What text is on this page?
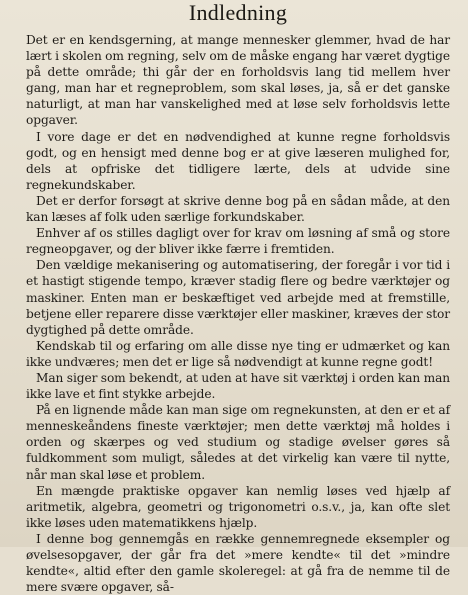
Indledning

Det er en kendsgerning, at mange mennesker glemmer, hvad de har lært i skolen om regning, selv om de måske engang har været dygtige på dette område; thi går der en forholdsvis lang tid mellem hver gang, man har et regneproblem, som skal løses, ja, så er det ganske naturligt, at man har vanskelighed med at løse selv forholdsvis lette opgaver.

I vore dage er det en nødvendighed at kunne regne forholdsvis godt, og en hensigt med denne bog er at give læseren mulighed for, dels at opfriske det tidligere lærte, dels at udvide sine regnekundskaber.

Det er derfor forsøgt at skrive denne bog på en sådan måde, at den kan læses af folk uden særlige forkundskaber.

Enhver af os stilles dagligt over for krav om løsning af små og store regneopgaver, og der bliver ikke færre i fremtiden.

Den vældige mekanisering og automatisering, der foregår i vor tid i et hastigt stigende tempo, kræver stadig flere og bedre værktøjer og maskiner. Enten man er beskæftiget ved arbejde med at fremstille, betjene eller reparere disse værktøjer eller maskiner, kræves der stor dygtighed på dette område.

Kendskab til og erfaring om alle disse nye ting er udmærket og kan ikke undværes; men det er lige så nødvendigt at kunne regne godt!

Man siger som bekendt, at uden at have sit værktøj i orden kan man ikke lave et fint stykke arbejde.

På en lignende måde kan man sige om regnekunsten, at den er et af menneskeåndens fineste værktøjer; men dette værktøj må holdes i orden og skærpes og ved studium og stadige øvelser gøres så fuldkomment som muligt, således at det virkelig kan være til nytte, når man skal løse et problem.

En mængde praktiske opgaver kan nemlig løses ved hjælp af aritmetik, algebra, geometri og trigonometri o.s.v., ja, kan ofte slet ikke løses uden matematikkens hjælp.

I denne bog gennemgås en række gennemregnede eksempler og øvelsesopgaver, der går fra det »mere kendte« til det »mindre kendte«, altid efter den gamle skoleregel: at gå fra de nemme til de mere svære opgaver, så-
